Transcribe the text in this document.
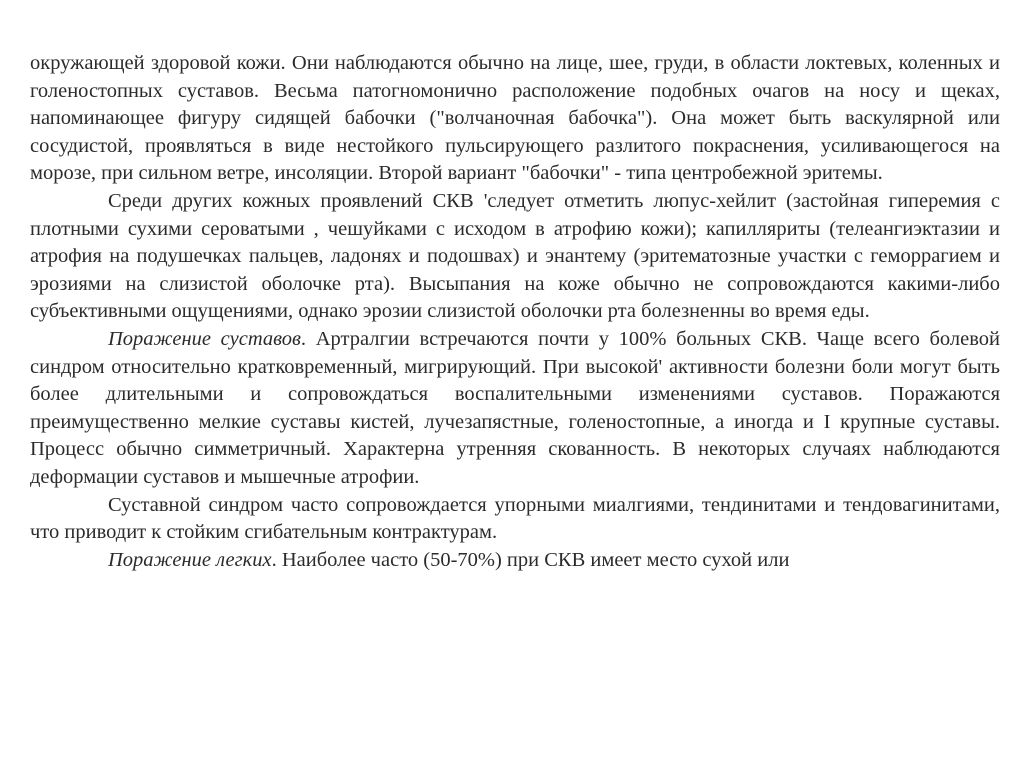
окружающей здоровой кожи. Они наблюдаются обычно на лице, шее, груди, в области локтевых, коленных и голеностопных суставов. Весьма патогномонично расположение подобных очагов на носу и щеках, напоминающее фигуру сидящей бабочки ("волчаночная бабочка"). Она может быть васкулярной или сосудистой, проявляться в виде нестойкого пульсирующего разлитого покраснения, усиливающегося на морозе, при сильном ветре, инсоляции. Второй вариант "бабочки" - типа центробежной эритемы.

Среди других кожных проявлений СКВ 'следует отметить люпус-хейлит (застойная гиперемия с плотными сухими сероватыми , чешуйками с исходом в атрофию кожи); капилляриты (телеангиэктазии и атрофия на подушечках пальцев, ладонях и подошвах) и энантему (эритематозные участки с геморрагием и эрозиями на слизистой оболочке рта). Высыпания на коже обычно не сопровождаются какими-либо субъективными ощущениями, однако эрозии слизистой оболочки рта болезненны во время еды.

Поражение суставов. Артралгии встречаются почти у 100% больных СКВ. Чаще всего болевой синдром относительно кратковременный, мигрирующий. При высокой' активности болезни боли могут быть более длительными и сопровождаться воспалительными изменениями суставов. Поражаются преимущественно мелкие суставы кистей, лучезапястные, голеностопные, а иногда и I крупные суставы. Процесс обычно симметричный. Характерна утренняя скованность. В некоторых случаях наблюдаются деформации суставов и мышечные атрофии.

Суставной синдром часто сопровождается упорными миалгиями, тендинитами и тендовагинитами, что приводит к стойким сгибательным контрактурам.

Поражение легких. Наиболее часто (50-70%) при СКВ имеет место сухой или
